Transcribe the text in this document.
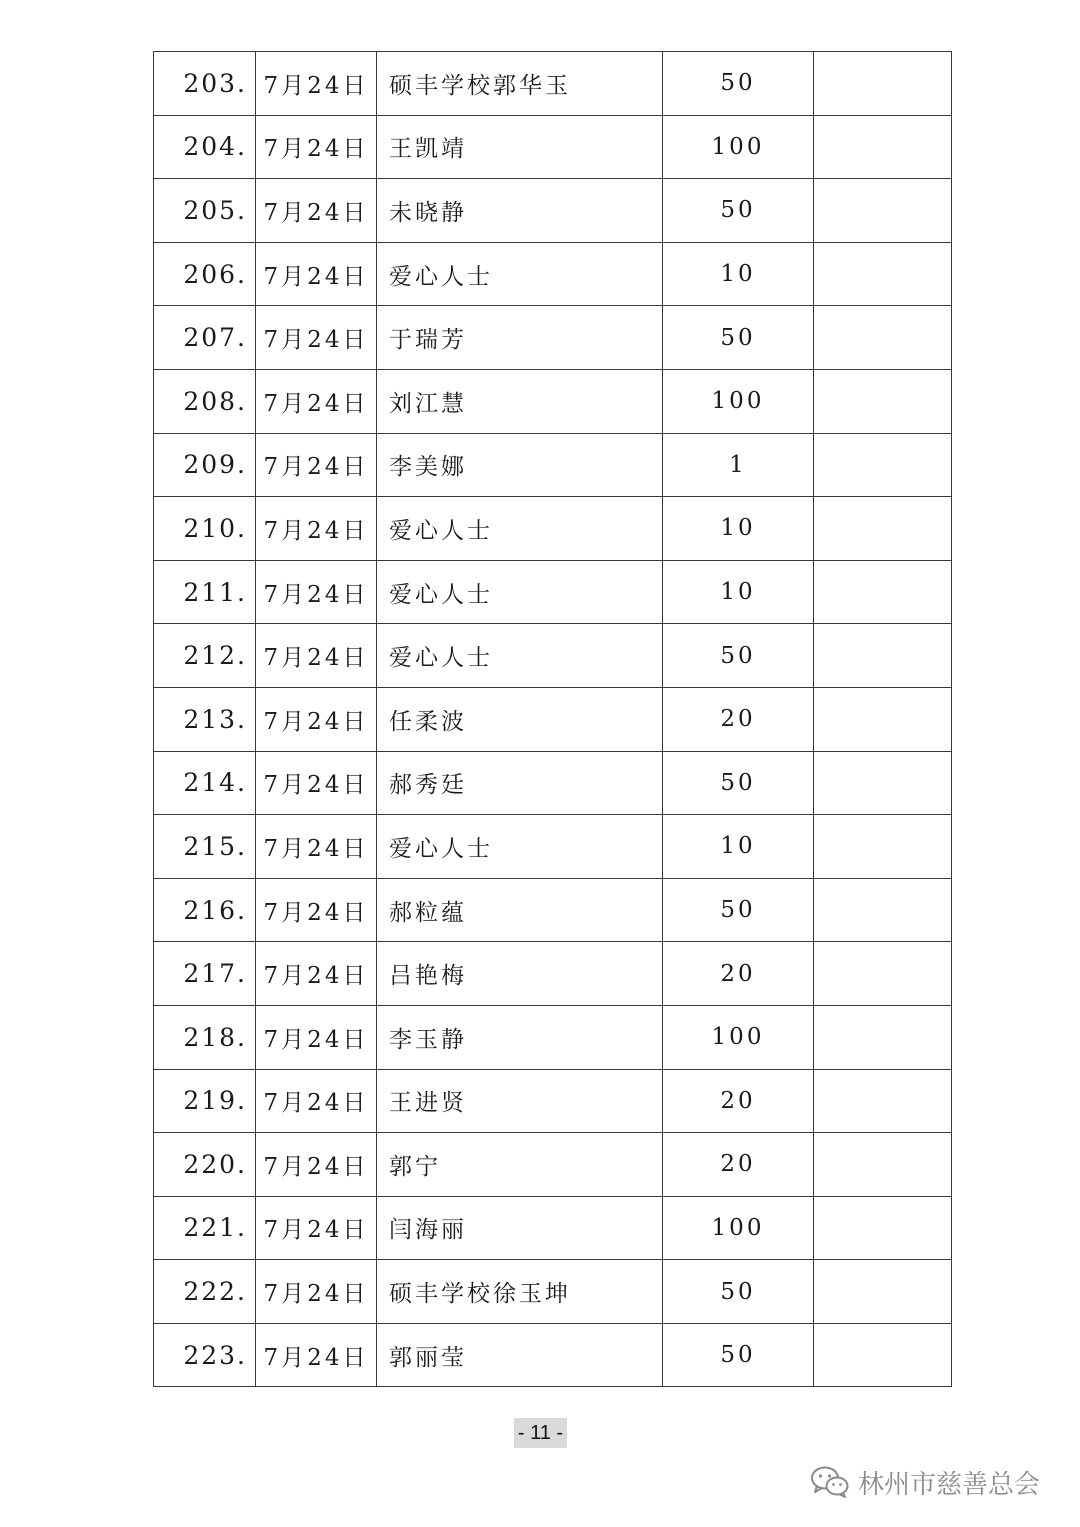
203.	7月24日	硕丰学校郭华玉	50	
204.	7月24日	王凯靖	100	
205.	7月24日	未晓静	50	
206.	7月24日	爱心人士	10	
207.	7月24日	于瑞芳	50	
208.	7月24日	刘江慧	100	
209.	7月24日	李美娜	1	
210.	7月24日	爱心人士	10	
211.	7月24日	爱心人士	10	
212.	7月24日	爱心人士	50	
213.	7月24日	任柔波	20	
214.	7月24日	郝秀廷	50	
215.	7月24日	爱心人士	10	
216.	7月24日	郝粒蕴	50	
217.	7月24日	吕艳梅	20	
218.	7月24日	李玉静	100	
219.	7月24日	王进贤	20	
220.	7月24日	郭宁	20	
221.	7月24日	闫海丽	100	
222.	7月24日	硕丰学校徐玉坤	50	
223.	7月24日	郭丽莹	50	
- 11 -
林州市慈善总会
